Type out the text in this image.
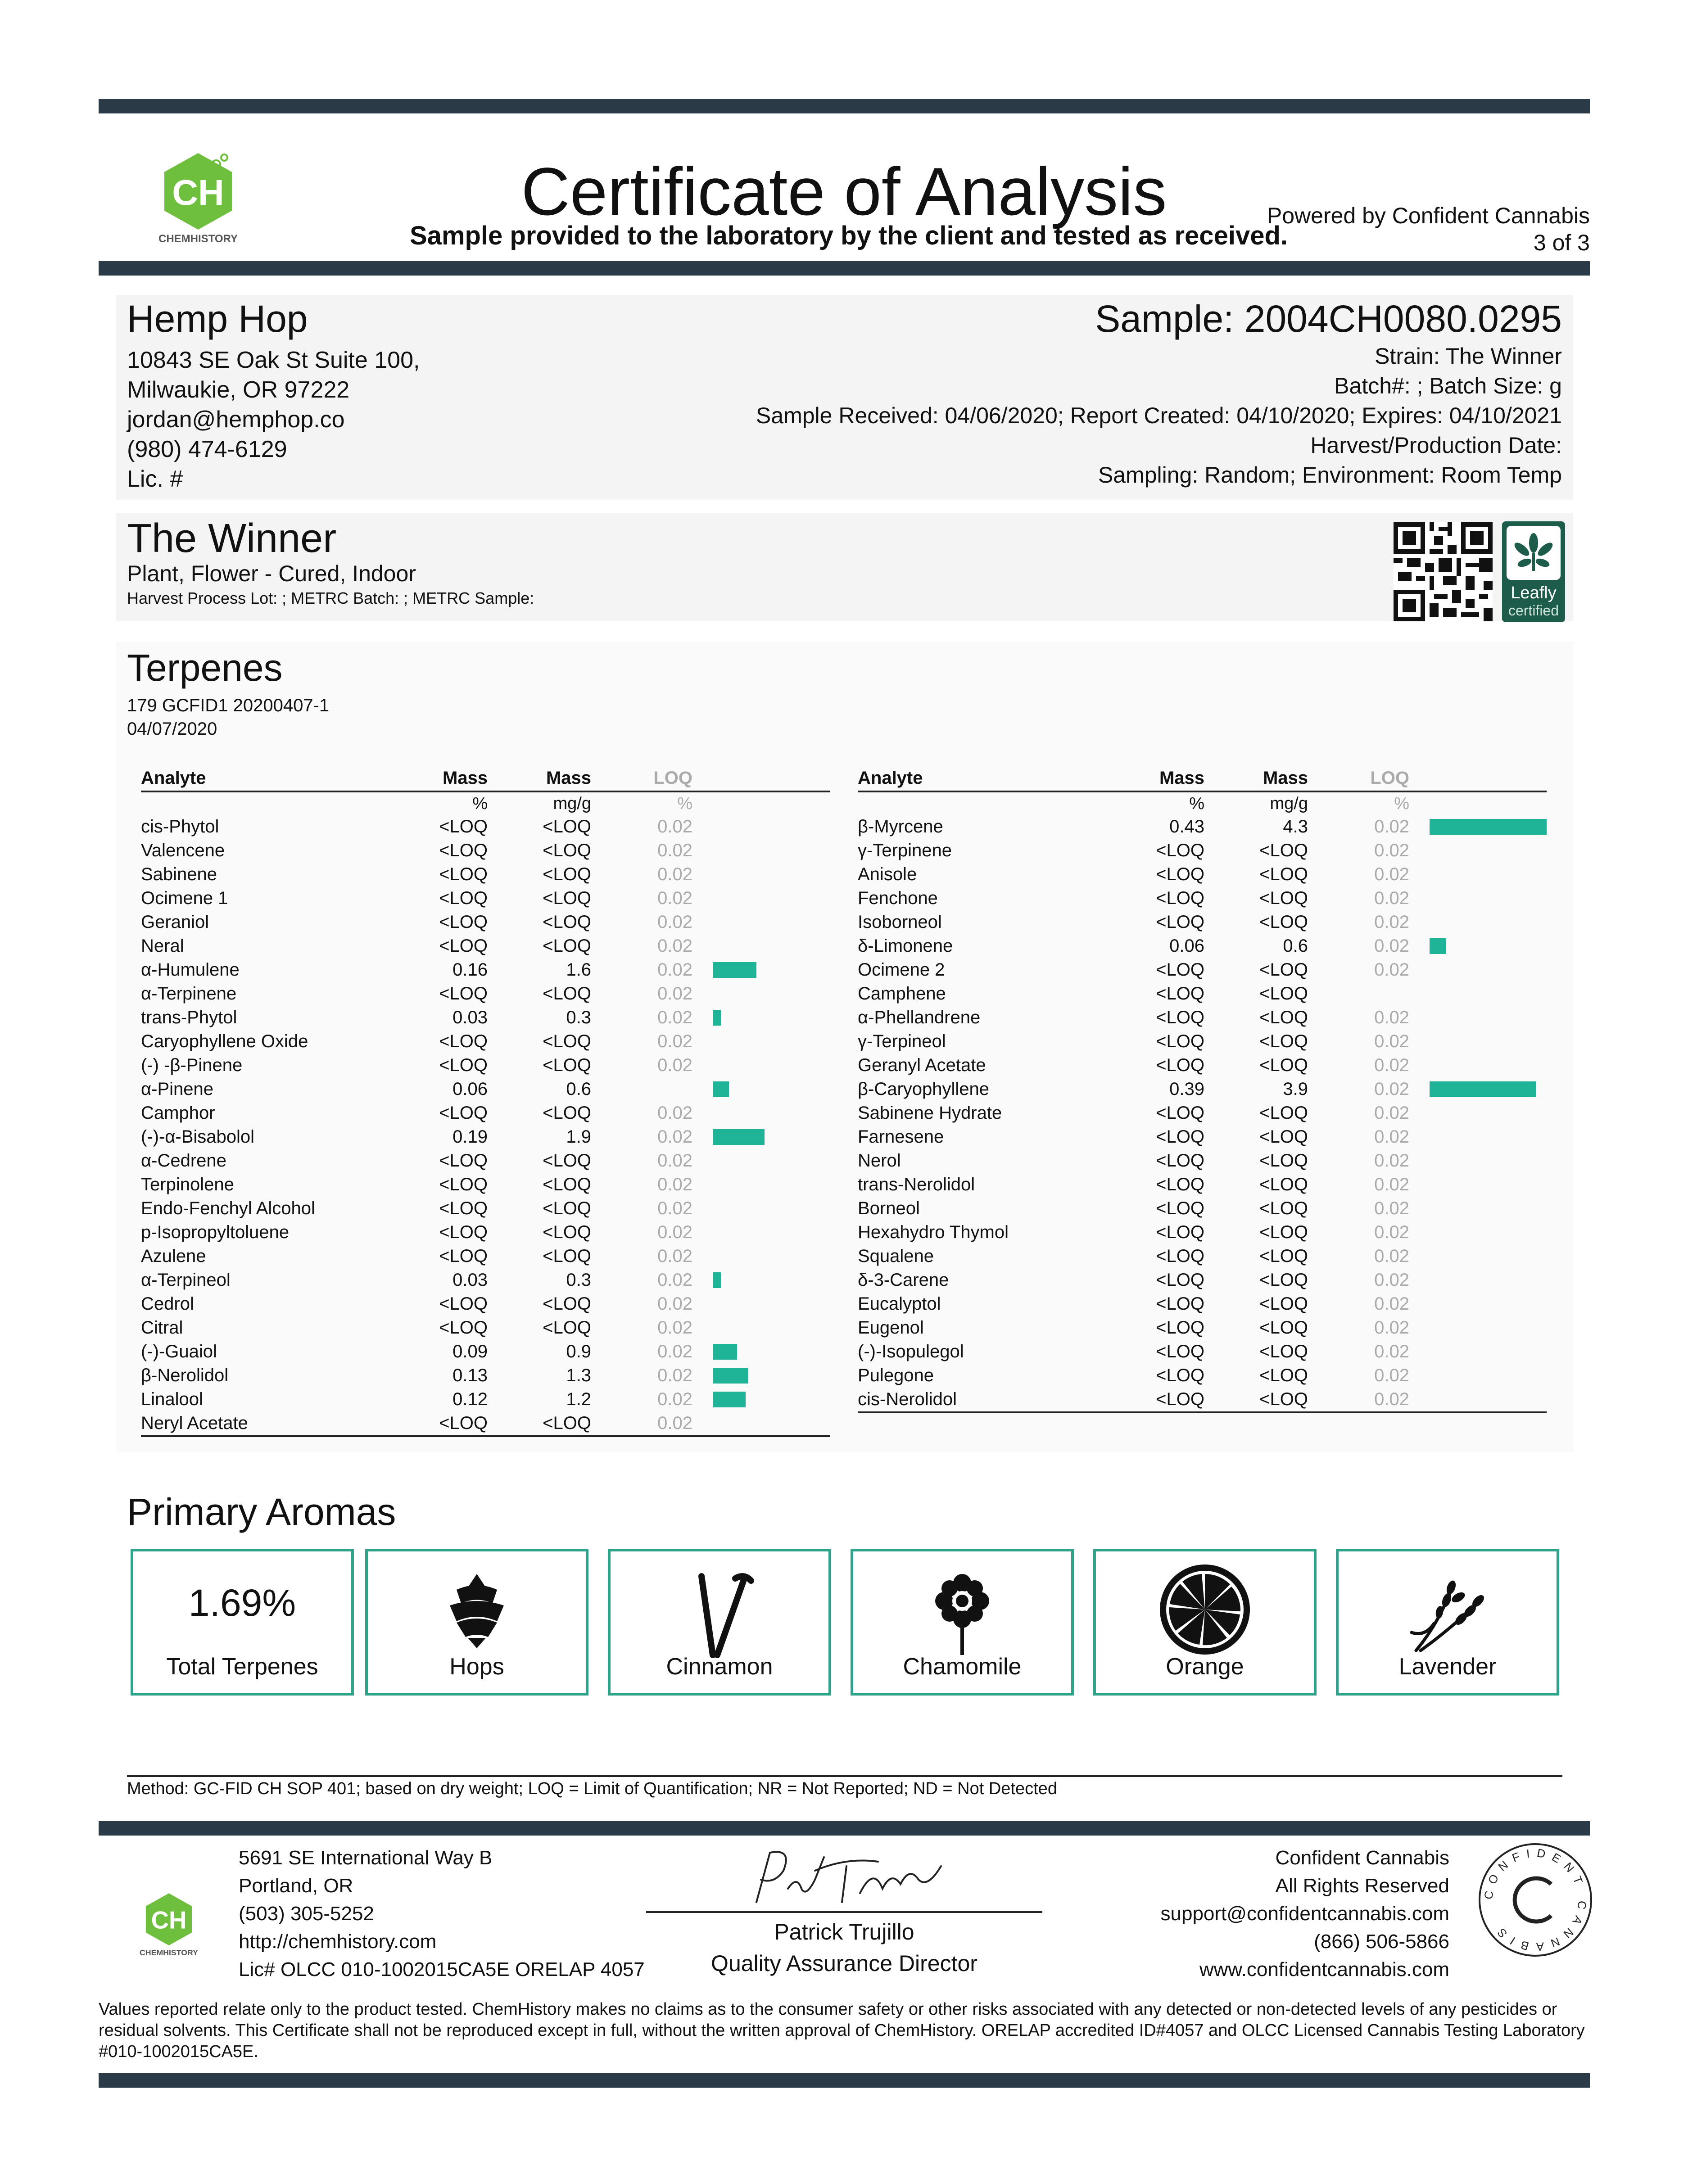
CH
CHEMHISTORY
Certificate of Analysis
Sample provided to the laboratory by the client and tested as received.
Powered by Confident Cannabis
3 of 3
Hemp Hop
10843 SE Oak St Suite 100,
Milwaukie, OR 97222
jordan@hemphop.co
(980) 474-6129
Lic. #
Sample: 2004CH0080.0295
Strain: The Winner
Batch#: ; Batch Size: g
Sample Received: 04/06/2020; Report Created: 04/10/2020; Expires: 04/10/2021
Harvest/Production Date:
Sampling: Random; Environment: Room Temp
The Winner
Plant, Flower - Cured, Indoor
Harvest Process Lot: ; METRC Batch: ; METRC Sample:	Leafly
certified
Terpenes
179 GCFID1 20200407-1
04/07/2020
Analyte	Mass	Mass	LOQ
%	mg/g	%
cis-Phytol	<LOQ	<LOQ	0.02
Valencene	<LOQ	<LOQ	0.02
Sabinene	<LOQ	<LOQ	0.02
Ocimene 1	<LOQ	<LOQ	0.02
Geraniol	<LOQ	<LOQ	0.02
Neral	<LOQ	<LOQ	0.02
α-Humulene	0.16	1.6	0.02
α-Terpinene	<LOQ	<LOQ	0.02
trans-Phytol	0.03	0.3	0.02
Caryophyllene Oxide	<LOQ	<LOQ	0.02
(-) -β-Pinene	<LOQ	<LOQ	0.02
α-Pinene	0.06	0.6
Camphor	<LOQ	<LOQ	0.02
(-)-α-Bisabolol	0.19	1.9	0.02
α-Cedrene	<LOQ	<LOQ	0.02
Terpinolene	<LOQ	<LOQ	0.02
Endo-Fenchyl Alcohol	<LOQ	<LOQ	0.02
p-Isopropyltoluene	<LOQ	<LOQ	0.02
Azulene	<LOQ	<LOQ	0.02
α-Terpineol	0.03	0.3	0.02
Cedrol	<LOQ	<LOQ	0.02
Citral	<LOQ	<LOQ	0.02
(-)-Guaiol	0.09	0.9	0.02
β-Nerolidol	0.13	1.3	0.02
Linalool	0.12	1.2	0.02
Neryl Acetate	<LOQ	<LOQ	0.02
Analyte	Mass	Mass	LOQ
%	mg/g	%
β-Myrcene	0.43	4.3	0.02
γ-Terpinene	<LOQ	<LOQ	0.02
Anisole	<LOQ	<LOQ	0.02
Fenchone	<LOQ	<LOQ	0.02
Isoborneol	<LOQ	<LOQ	0.02
δ-Limonene	0.06	0.6	0.02
Ocimene 2	<LOQ	<LOQ	0.02
Camphene	<LOQ	<LOQ
α-Phellandrene	<LOQ	<LOQ	0.02
γ-Terpineol	<LOQ	<LOQ	0.02
Geranyl Acetate	<LOQ	<LOQ	0.02
β-Caryophyllene	0.39	3.9	0.02
Sabinene Hydrate	<LOQ	<LOQ	0.02
Farnesene	<LOQ	<LOQ	0.02
Nerol	<LOQ	<LOQ	0.02
trans-Nerolidol	<LOQ	<LOQ	0.02
Borneol	<LOQ	<LOQ	0.02
Hexahydro Thymol	<LOQ	<LOQ	0.02
Squalene	<LOQ	<LOQ	0.02
δ-3-Carene	<LOQ	<LOQ	0.02
Eucalyptol	<LOQ	<LOQ	0.02
Eugenol	<LOQ	<LOQ	0.02
(-)-Isopulegol	<LOQ	<LOQ	0.02
Pulegone	<LOQ	<LOQ	0.02
cis-Nerolidol	<LOQ	<LOQ	0.02
Primary Aromas
1.69%
Total Terpenes	Hops	Cinnamon	Chamomile	Orange	Lavender
Method: GC-FID CH SOP 401; based on dry weight; LOQ = Limit of Quantification; NR = Not Reported; ND = Not Detected
CH
CHEMHISTORY
5691 SE International Way B
Portland, OR
(503) 305-5252
http://chemhistory.com
Lic# OLCC 010-1002015CA5E ORELAP 4057
Patrick Trujillo
Quality Assurance Director
Confident Cannabis
All Rights Reserved
support@confidentcannabis.com
(866) 506-5866
www.confidentcannabis.com
CONFIDENT CANNABIS
Values reported relate only to the product tested. ChemHistory makes no claims as to the consumer safety or other risks associated with any detected or non-detected levels of any pesticides or residual solvents. This Certificate shall not be reproduced except in full, without the written approval of ChemHistory. ORELAP accredited ID#4057 and OLCC Licensed Cannabis Testing Laboratory #010-1002015CA5E.
